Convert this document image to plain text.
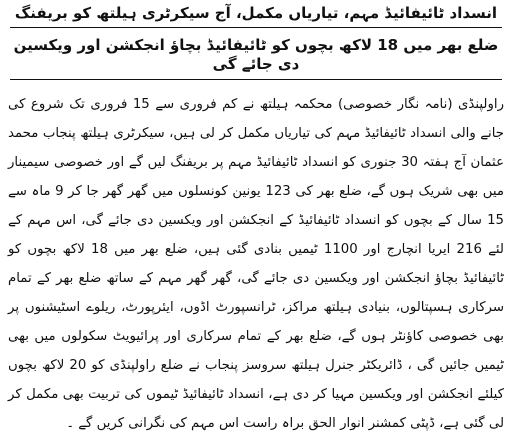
انسداد ٹائیفائیڈ مہم، تیاریاں مکمل، آج سیکرٹری ہیلتھ کو بریفنگ

ضلع بھر میں 18 لاکھ بچوں کو ٹائیفائیڈ بچاؤ انجکشن اور ویکسین دی جائے گی

راولپنڈی (نامہ نگار خصوصی) محکمہ ہیلتھ نے کم فروری سے 15 فروری تک شروع کی جانے والی انسداد ٹائیفائیڈ مہم کی تیاریاں مکمل کر لی ہیں، سیکرٹری ہیلتھ پنجاب محمد عثمان آج ہفتہ 30 جنوری کو انسداد ٹائیفائیڈ مہم پر بریفنگ لیں گے اور خصوصی سیمینار میں بھی شریک ہوں گے، ضلع بھر کی 123 یونین کونسلوں میں گھر گھر جا کر 9 ماہ سے 15 سال کے بچوں کو انسداد ٹائیفائیڈ کے انجکشن اور ویکسین دی جائے گی، اس مہم کے لئے 216 ایریا انچارج اور 1100 ٹیمیں بنادی گئی ہیں، ضلع بھر میں 18 لاکھ بچوں کو ٹائیفائیڈ بچاؤ انجکشن اور ویکسین دی جائے گی، گھر گھر مہم کے ساتھ ضلع بھر کے تمام سرکاری ہسپتالوں، بنیادی ہیلتھ مراکز، ٹرانسپورٹ اڈوں، ایئرپورٹ، ریلوے اسٹیشنوں پر بھی خصوصی کاؤنٹر ہوں گے، ضلع بھر کے تمام سرکاری اور پرائیویٹ سکولوں میں بھی ٹیمیں جائیں گی ، ڈائریکٹر جنرل ہیلتھ سروسز پنجاب نے ضلع راولپنڈی کو 20 لاکھ بچوں کیلئے انجکشن اور ویکسین مہیا کر دی ہے، انسداد ٹائیفائیڈ ٹیموں کی تربیت بھی مکمل کر لی گئی ہے، ڈپٹی کمشنر انوار الحق براہ راست اس مہم کی نگرانی کریں گے ۔
